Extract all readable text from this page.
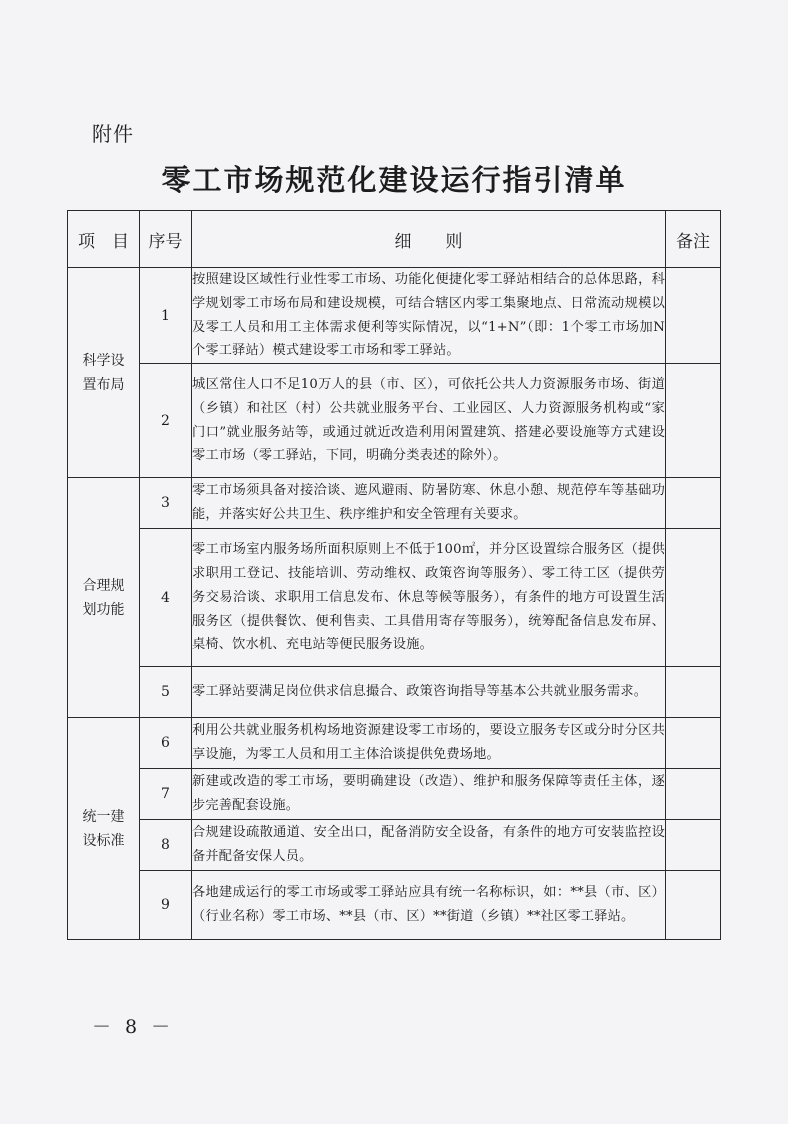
附件
零工市场规范化建设运行指引清单
项　目	序号	细　　则	备注

科学设
置布局	1	按照建设区域性行业性零工市场、功能化便捷化零工驿站相结合的总体思路，科学规划零工市场布局和建设规模，可结合辖区内零工集聚地点、日常流动规模以及零工人员和用工主体需求便利等实际情况，以“1+N”（即：1个零工市场加N个零工驿站）模式建设零工市场和零工驿站。	
	2	城区常住人口不足10万人的县（市、区），可依托公共人力资源服务市场、街道（乡镇）和社区（村）公共就业服务平台、工业园区、人力资源服务机构或“家门口”就业服务站等，或通过就近改造利用闲置建筑、搭建必要设施等方式建设零工市场（零工驿站，下同，明确分类表述的除外）。	

合理规
划功能	3	零工市场须具备对接洽谈、遮风避雨、防暑防寒、休息小憩、规范停车等基础功能，并落实好公共卫生、秩序维护和安全管理有关要求。	
	4	零工市场室内服务场所面积原则上不低于100㎡，并分区设置综合服务区（提供求职用工登记、技能培训、劳动维权、政策咨询等服务）、零工待工区（提供劳务交易洽谈、求职用工信息发布、休息等候等服务），有条件的地方可设置生活服务区（提供餐饮、便利售卖、工具借用寄存等服务），统筹配备信息发布屏、桌椅、饮水机、充电站等便民服务设施。	
	5	零工驿站要满足岗位供求信息撮合、政策咨询指导等基本公共就业服务需求。	

统一建
设标准	6	利用公共就业服务机构场地资源建设零工市场的，要设立服务专区或分时分区共享设施，为零工人员和用工主体洽谈提供免费场地。	
	7	新建或改造的零工市场，要明确建设（改造）、维护和服务保障等责任主体，逐步完善配套设施。	
	8	合规建设疏散通道、安全出口，配备消防安全设备，有条件的地方可安装监控设备并配备安保人员。	
	9	各地建成运行的零工市场或零工驿站应具有统一名称标识，如：**县（市、区）（行业名称）零工市场、**县（市、区）**街道（乡镇）**社区零工驿站。	
－ 8 －
